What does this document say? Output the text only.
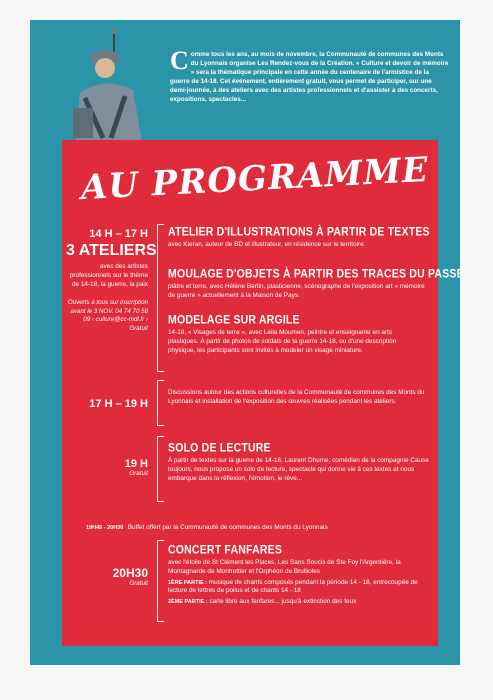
C omme tous les ans, au mois de novembre, la Communauté de communes des Monts du Lyonnais organise Les Rendez-vous de la Création. « Culture et devoir de mémoire » sera la thématique principale en cette année du centenaire de l'armistice de la guerre de 14-18. Cet événement, entièrement gratuit, vous permet de participer, sur une demi-journée, à des ateliers avec des artistes professionnels et d'assister à des concerts, expositions, spectacles...
AU PROGRAMME
14 H – 17 H
3 ATELIERS
avec des artistes professionnels sur le thème de 14-18, la guerre, la paix
Ouverts à tous sur inscription avant le 3 NOV. 04 74 70 58 09 ‹ culture@cc-mdl.fr › Gratuit
ATELIER D'ILLUSTRATIONS À PARTIR DE TEXTES
avec Kieran, auteur de BD et illustrateur, en résidence sur le territoire.
MOULAGE D'OBJETS À PARTIR DES TRACES DU PASSÉ
plâtre et terre, avec Hélène Bertin, plasticienne, scénographe de l'exposition art « mémoire de guerre » actuellement à la Maison de Pays.
MODELAGE SUR ARGILE
14-18, « Visages de terre », avec Leila Moumen, peintre et enseignante en arts plastiques. À partir de photos de soldats de la guerre 14-18, ou d'une description physique, les participants sont invités à modeler un visage miniature.
17 H – 19 H
Discussions autour des actions culturelles de la Communauté de communes des Monts du Lyonnais et installation de l'exposition des œuvres réalisées pendant les ateliers.
19 H
Gratuit
SOLO DE LECTURE
À partir de textes sur la guerre de 14-18, Laurent Dhume, comédien de la compagnie Cause toujours, nous propose un solo de lecture, spectacle qui donne vie à ces textes et nous embarque dans la réflexion, l'émotion, le rêve...
19H45 - 20H30 Buffet offert par la Communauté de communes des Monts du Lyonnais
20H30
Gratuit
CONCERT FANFARES
avec l'étoile de St Clément les Places, Les Sans Soucis de Ste Foy l'Argentière, la Montagnarde de Montrottier et l'Orphéon de Brullioles
1ÈRE PARTIE : musique de chants composés pendant la période 14 - 18, entrecoupée de lecture de lettres de poilus et de chants 14 - 18
2ÈME PARTIE : carte libre aux fanfares... jusqu'à extinction des feux
